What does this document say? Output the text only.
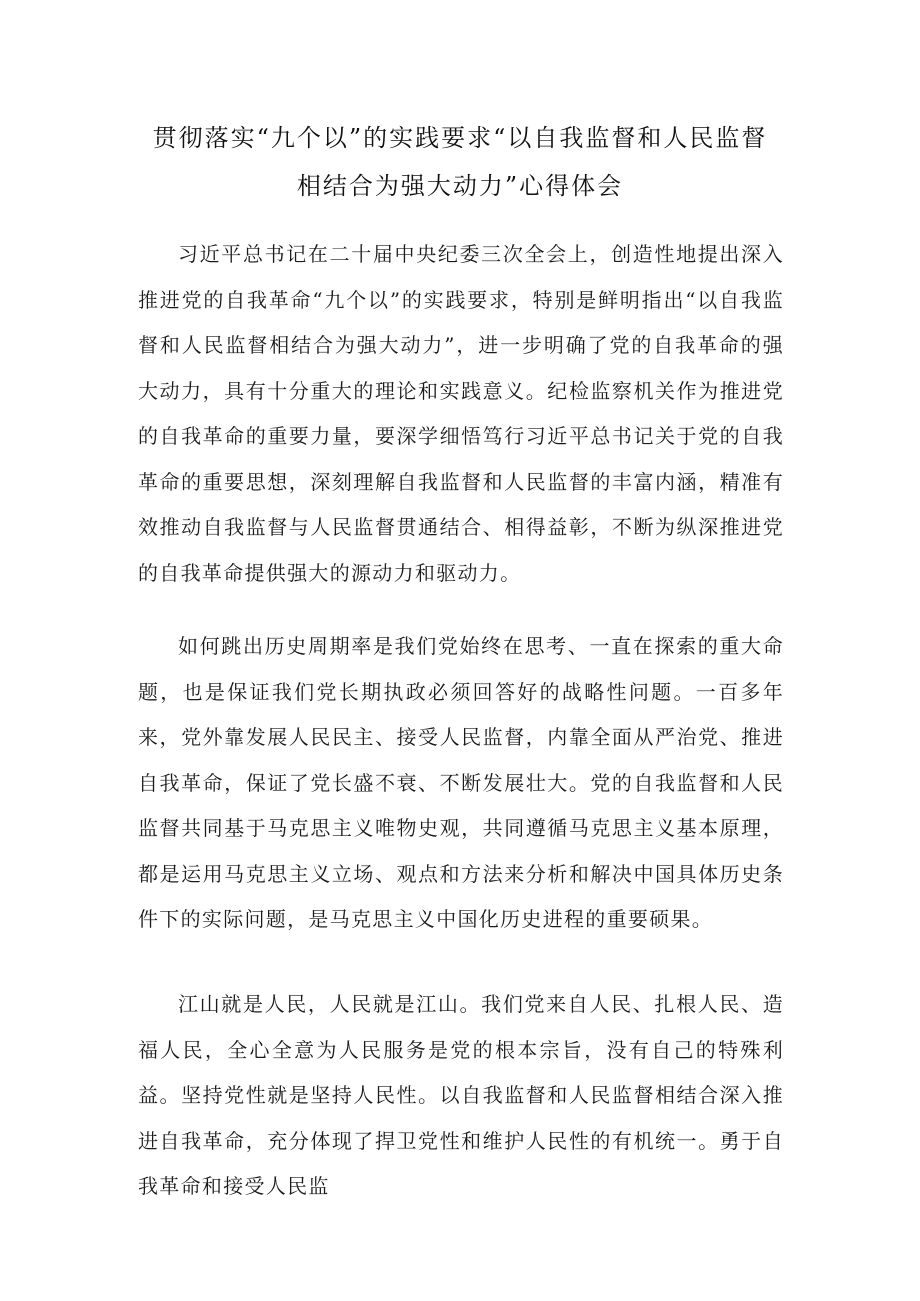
贯彻落实“九个以”的实践要求“以自我监督和人民监督
相结合为强大动力”心得体会

习近平总书记在二十届中央纪委三次全会上，创造性地提出深入推进党的自我革命“九个以”的实践要求，特别是鲜明指出“以自我监督和人民监督相结合为强大动力”，进一步明确了党的自我革命的强大动力，具有十分重大的理论和实践意义。纪检监察机关作为推进党的自我革命的重要力量，要深学细悟笃行习近平总书记关于党的自我革命的重要思想，深刻理解自我监督和人民监督的丰富内涵，精准有效推动自我监督与人民监督贯通结合、相得益彰，不断为纵深推进党的自我革命提供强大的源动力和驱动力。

如何跳出历史周期率是我们党始终在思考、一直在探索的重大命题，也是保证我们党长期执政必须回答好的战略性问题。一百多年来，党外靠发展人民民主、接受人民监督，内靠全面从严治党、推进自我革命，保证了党长盛不衰、不断发展壮大。党的自我监督和人民监督共同基于马克思主义唯物史观，共同遵循马克思主义基本原理，都是运用马克思主义立场、观点和方法来分析和解决中国具体历史条件下的实际问题，是马克思主义中国化历史进程的重要硕果。

江山就是人民，人民就是江山。我们党来自人民、扎根人民、造福人民，全心全意为人民服务是党的根本宗旨，没有自己的特殊利益。坚持党性就是坚持人民性。以自我监督和人民监督相结合深入推进自我革命，充分体现了捍卫党性和维护人民性的有机统一。勇于自我革命和接受人民监
